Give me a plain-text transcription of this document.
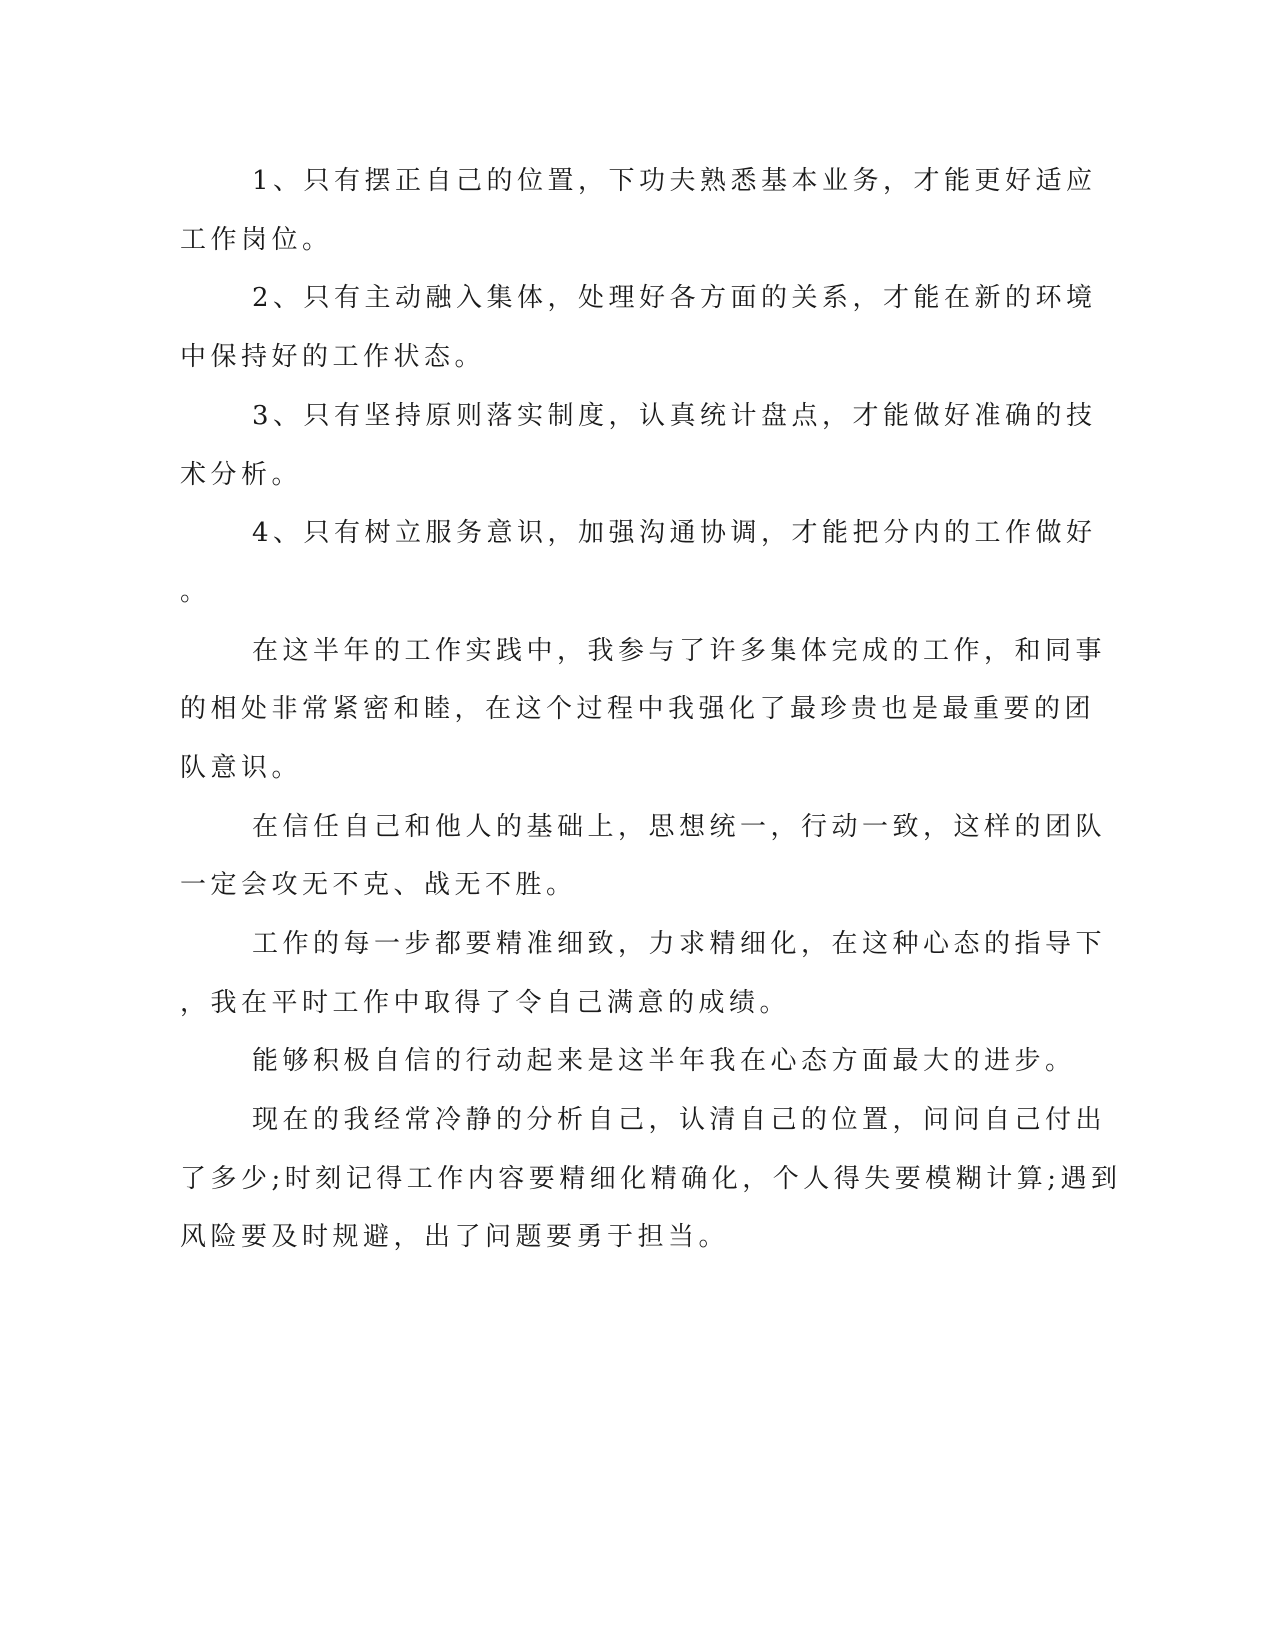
1、只有摆正自己的位置，下功夫熟悉基本业务，才能更好适应

工作岗位。

2、只有主动融入集体，处理好各方面的关系，才能在新的环境

中保持好的工作状态。

3、只有坚持原则落实制度，认真统计盘点，才能做好准确的技

术分析。

4、只有树立服务意识，加强沟通协调，才能把分内的工作做好

。

在这半年的工作实践中，我参与了许多集体完成的工作，和同事

的相处非常紧密和睦，在这个过程中我强化了最珍贵也是最重要的团

队意识。

在信任自己和他人的基础上，思想统一，行动一致，这样的团队

一定会攻无不克、战无不胜。

工作的每一步都要精准细致，力求精细化，在这种心态的指导下

，我在平时工作中取得了令自己满意的成绩。

能够积极自信的行动起来是这半年我在心态方面最大的进步。

现在的我经常冷静的分析自己，认清自己的位置，问问自己付出

了多少;时刻记得工作内容要精细化精确化，个人得失要模糊计算;遇到

风险要及时规避，出了问题要勇于担当。
